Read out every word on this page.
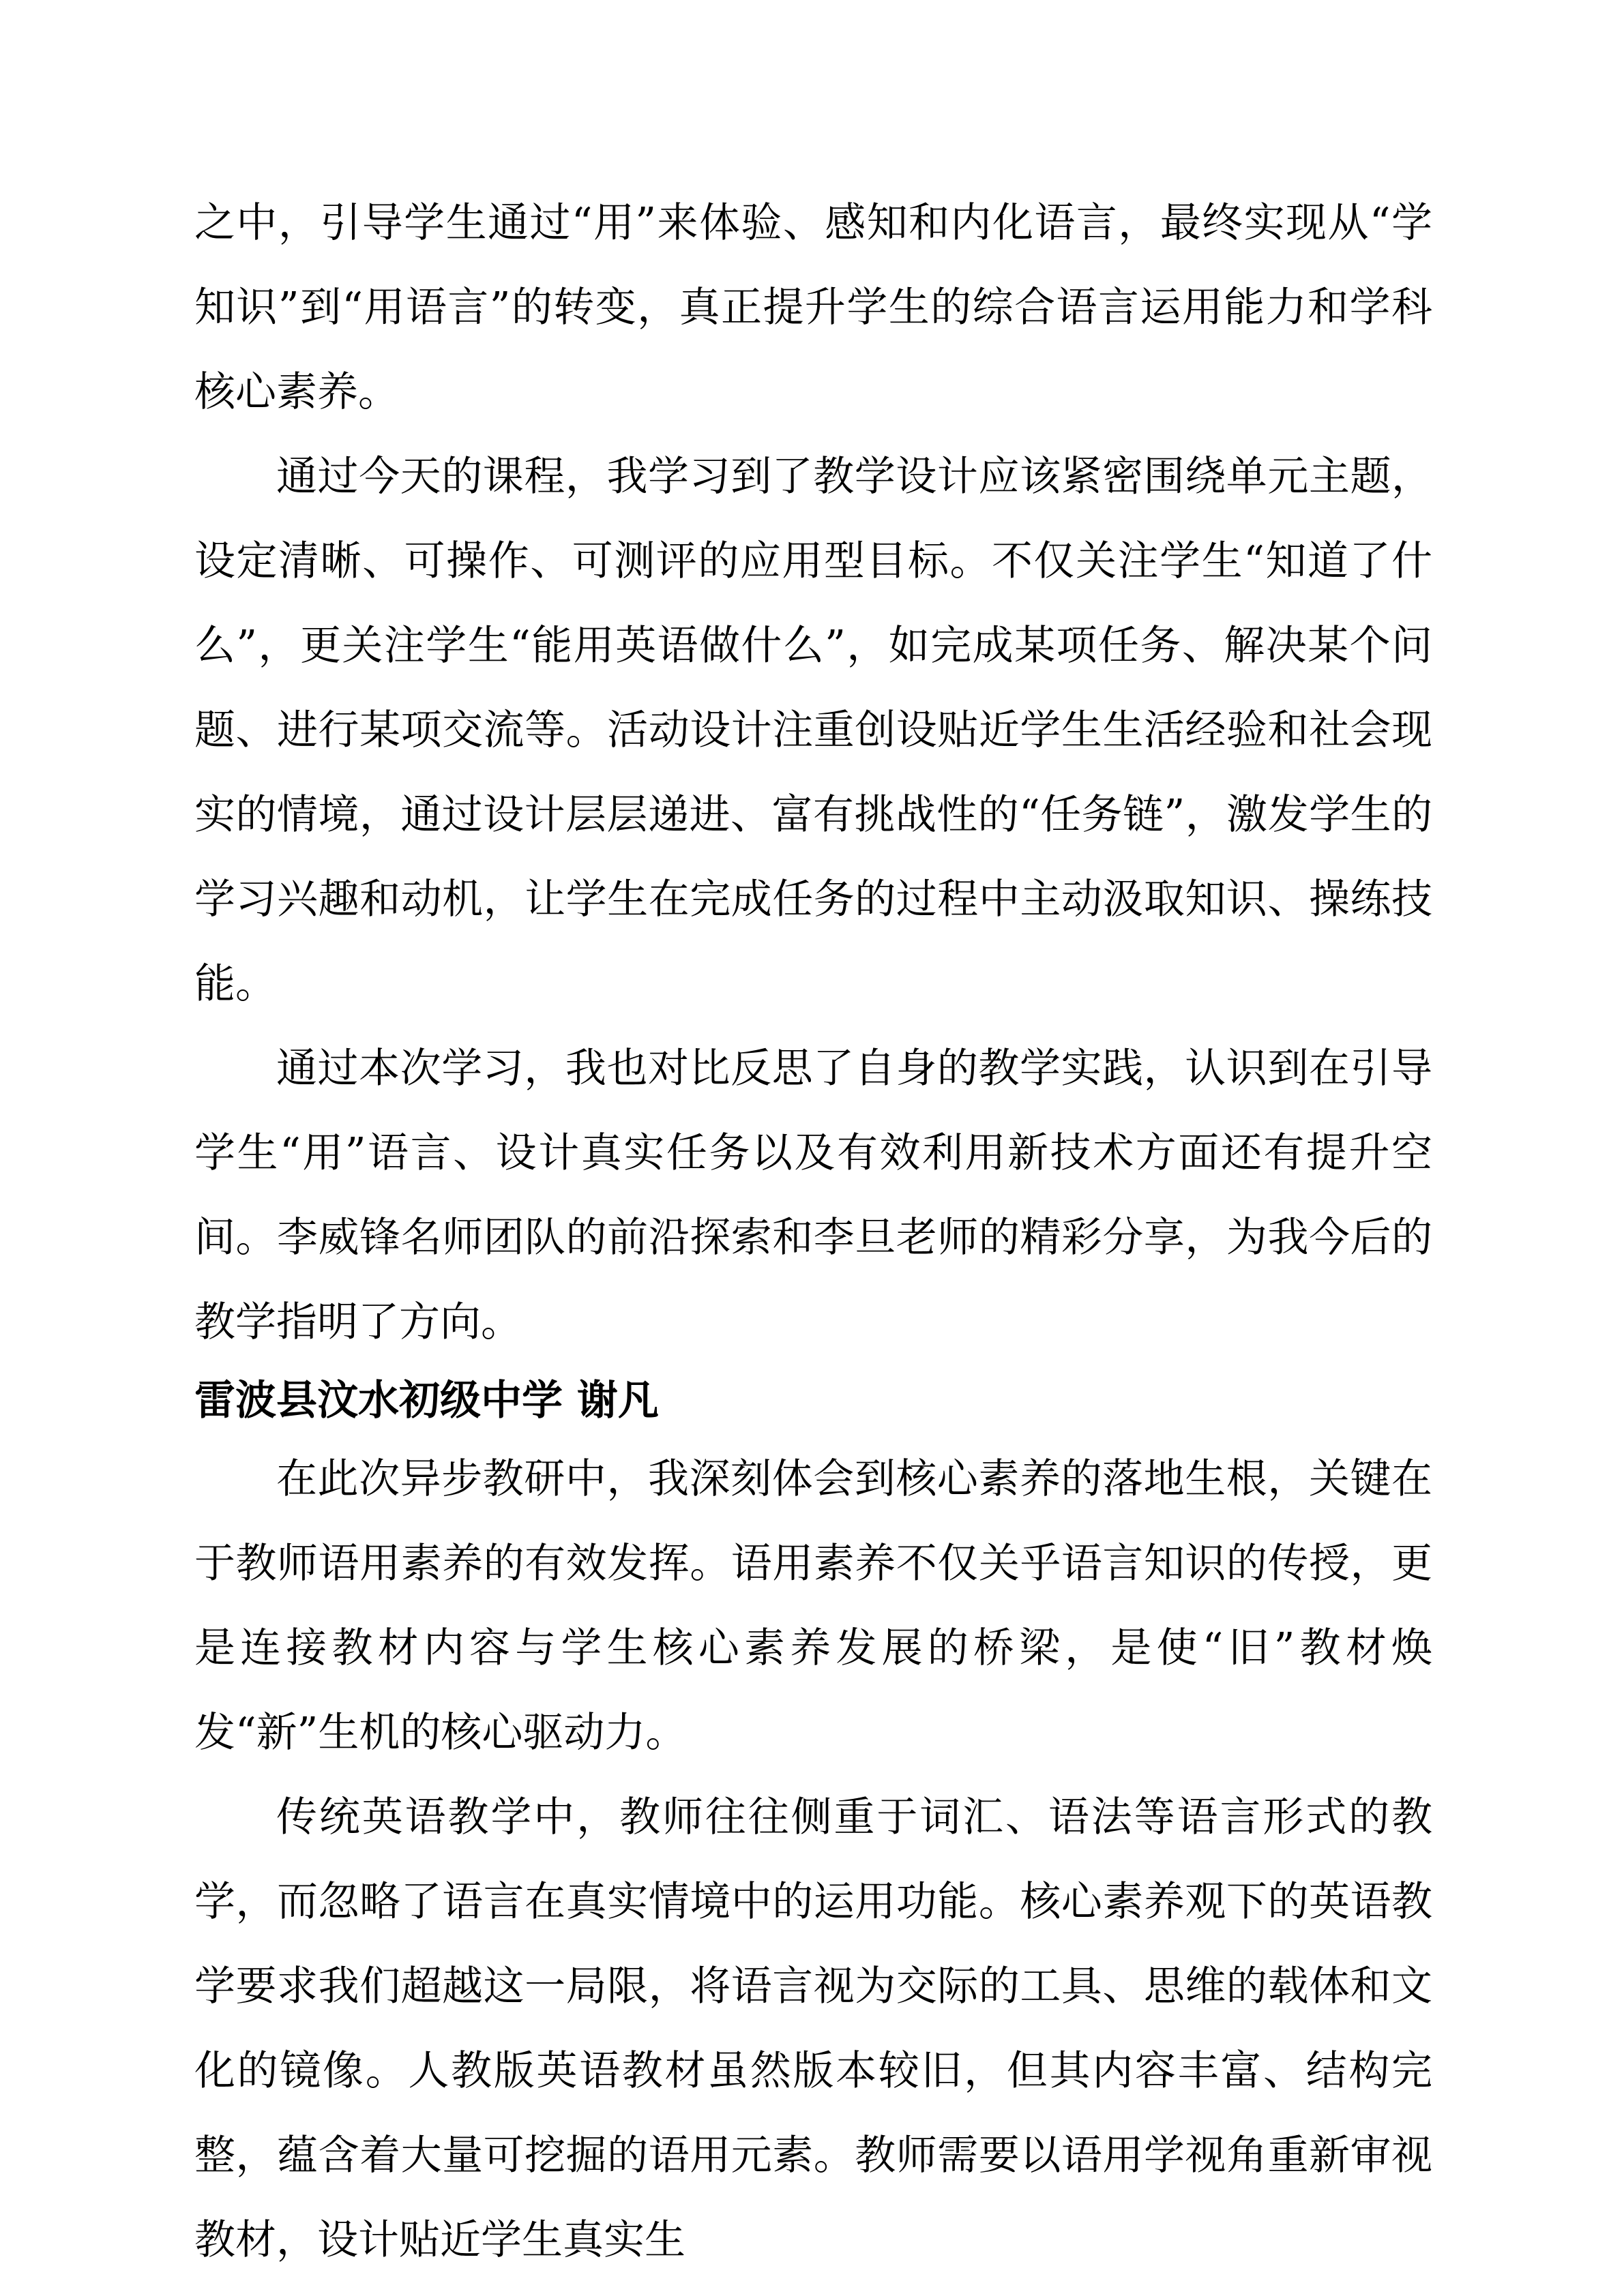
之中，引导学生通过“用”来体验、感知和内化语言，最终实现从“学知识”到“用语言”的转变，真正提升学生的综合语言运用能力和学科核心素养。

通过今天的课程，我学习到了教学设计应该紧密围绕单元主题，设定清晰、可操作、可测评的应用型目标。不仅关注学生“知道了什么”，更关注学生“能用英语做什么”，如完成某项任务、解决某个问题、进行某项交流等。活动设计注重创设贴近学生生活经验和社会现实的情境，通过设计层层递进、富有挑战性的“任务链”，激发学生的学习兴趣和动机，让学生在完成任务的过程中主动汲取知识、操练技能。

通过本次学习，我也对比反思了自身的教学实践，认识到在引导学生“用”语言、设计真实任务以及有效利用新技术方面还有提升空间。李威锋名师团队的前沿探索和李旦老师的精彩分享，为我今后的教学指明了方向。

雷波县汶水初级中学 谢凡

在此次异步教研中，我深刻体会到核心素养的落地生根，关键在于教师语用素养的有效发挥。语用素养不仅关乎语言知识的传授，更是连接教材内容与学生核心素养发展的桥梁，是使“旧”教材焕发“新”生机的核心驱动力。

传统英语教学中，教师往往侧重于词汇、语法等语言形式的教学，而忽略了语言在真实情境中的运用功能。核心素养观下的英语教学要求我们超越这一局限，将语言视为交际的工具、思维的载体和文化的镜像。人教版英语教材虽然版本较旧，但其内容丰富、结构完整，蕴含着大量可挖掘的语用元素。教师需要以语用学视角重新审视教材，设计贴近学生真实生
